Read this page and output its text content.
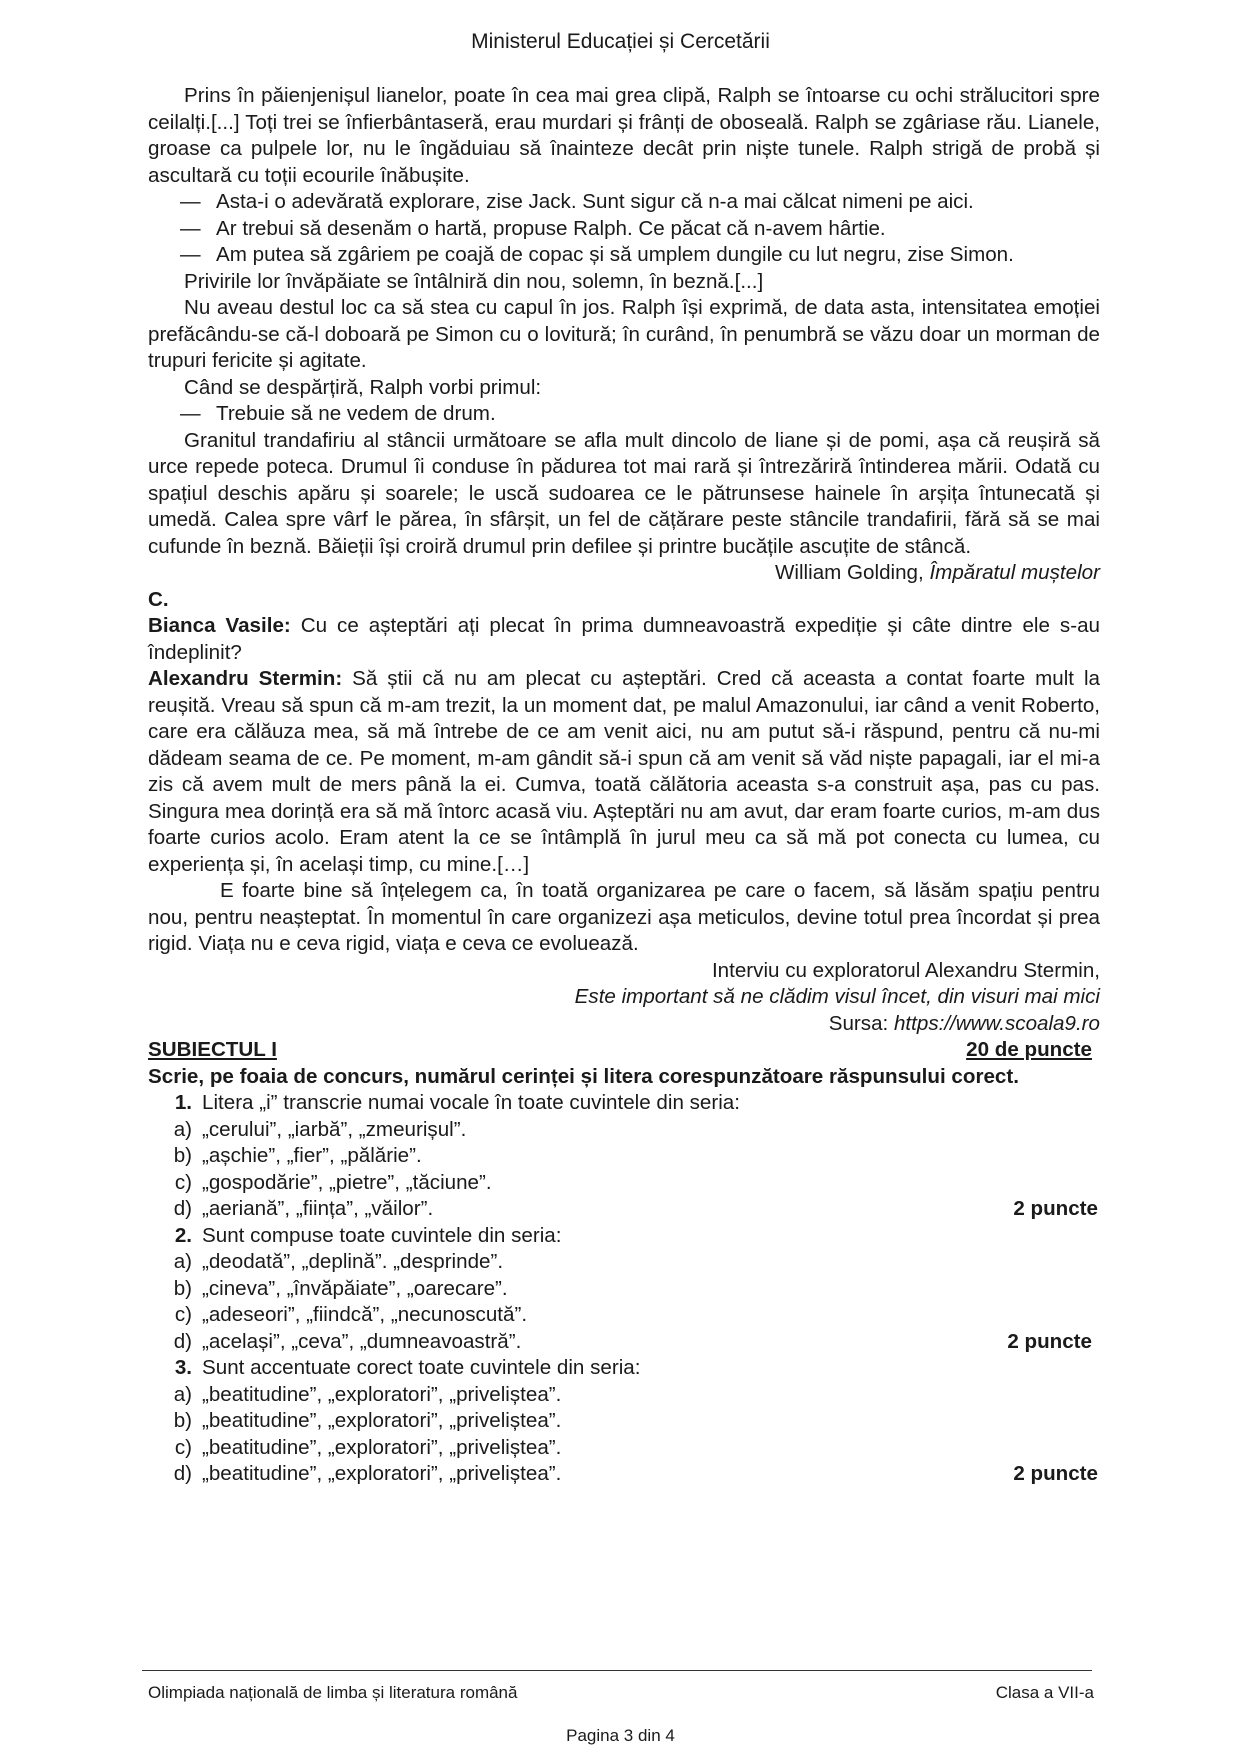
Ministerul Educației și Cercetării

Prins în păienjenișul lianelor, poate în cea mai grea clipă, Ralph se întoarse cu ochi strălucitori spre ceilalți.[...] Toți trei se înfierbântaseră, erau murdari și frânți de oboseală. Ralph se zgâriase rău. Lianele, groase ca pulpele lor, nu le îngăduiau să înainteze decât prin niște tunele. Ralph strigă de probă și ascultară cu toții ecourile înăbușite.

— Asta-i o adevărată explorare, zise Jack. Sunt sigur că n-a mai călcat nimeni pe aici.
— Ar trebui să desenăm o hartă, propuse Ralph. Ce păcat că n-avem hârtie.
— Am putea să zgâriem pe coajă de copac și să umplem dungile cu lut negru, zise Simon.

Privirile lor învăpăiate se întâlniră din nou, solemn, în beznă.[...]

Nu aveau destul loc ca să stea cu capul în jos. Ralph își exprimă, de data asta, intensitatea emoției prefăcându-se că-l doboară pe Simon cu o lovitură; în curând, în penumbră se văzu doar un morman de trupuri fericite și agitate.

Când se despărțiră, Ralph vorbi primul:

— Trebuie să ne vedem de drum.

Granitul trandafiriu al stâncii următoare se afla mult dincolo de liane și de pomi, așa că reușiră să urce repede poteca. Drumul îi conduse în pădurea tot mai rară și întrezăriră întinderea mării. Odată cu spațiul deschis apăru și soarele; le uscă sudoarea ce le pătrunsese hainele în arșița întunecată și umedă. Calea spre vârf le părea, în sfârșit, un fel de cățărare peste stâncile trandafirii, fără să se mai cufunde în beznă. Băieții își croiră drumul prin defilee și printre bucățile ascuțite de stâncă.

William Golding, Împăratul muștelor

C.

Bianca Vasile: Cu ce așteptări ați plecat în prima dumneavoastră expediție și câte dintre ele s-au îndeplinit?

Alexandru Stermin: Să știi că nu am plecat cu așteptări. Cred că aceasta a contat foarte mult la reușită. Vreau să spun că m-am trezit, la un moment dat, pe malul Amazonului, iar când a venit Roberto, care era călăuza mea, să mă întrebe de ce am venit aici, nu am putut să-i răspund, pentru că nu-mi dădeam seama de ce. Pe moment, m-am gândit să-i spun că am venit să văd niște papagali, iar el mi-a zis că avem mult de mers până la ei. Cumva, toată călătoria aceasta s-a construit așa, pas cu pas. Singura mea dorință era să mă întorc acasă viu. Așteptări nu am avut, dar eram foarte curios, m-am dus foarte curios acolo. Eram atent la ce se întâmplă în jurul meu ca să mă pot conecta cu lumea, cu experiența și, în același timp, cu mine.[…]

E foarte bine să înțelegem ca, în toată organizarea pe care o facem, să lăsăm spațiu pentru nou, pentru neașteptat. În momentul în care organizezi așa meticulos, devine totul prea încordat și prea rigid. Viața nu e ceva rigid, viața e ceva ce evoluează.

Interviu cu exploratorul Alexandru Stermin,

Este important să ne clădim visul încet, din visuri mai mici

Sursa: https://www.scoala9.ro

SUBIECTUL I	20 de puncte

Scrie, pe foaia de concurs, numărul cerinței și litera corespunzătoare răspunsului corect.

1. Litera „i” transcrie numai vocale în toate cuvintele din seria:
a) „cerului”, „iarbă”, „zmeurișul”.
b) „așchie”, „fier”, „pălărie”.
c) „gospodărie”, „pietre”, „tăciune”.
d) „aeriană”, „ființa”, „văilor”.	2 puncte
2. Sunt compuse toate cuvintele din seria:
a) „deodată”, „deplină”. „desprinde”.
b) „cineva”, „învăpăiate”, „oarecare”.
c) „adeseori”, „fiindcă”, „necunoscută”.
d) „același”, „ceva”, „dumneavoastră”.	2 puncte
3. Sunt accentuate corect toate cuvintele din seria:
a) „beatitudine”, „exploratori”, „priveliștea”.
b) „beatitudine”, „exploratori”, „priveliștea”.
c) „beatitudine”, „exploratori”, „priveliștea”.
d) „beatitudine”, „exploratori”, „priveliștea”.	2 puncte
Olimpiada națională de limba și literatura română	Clasa a VII-a
Pagina 3 din 4
